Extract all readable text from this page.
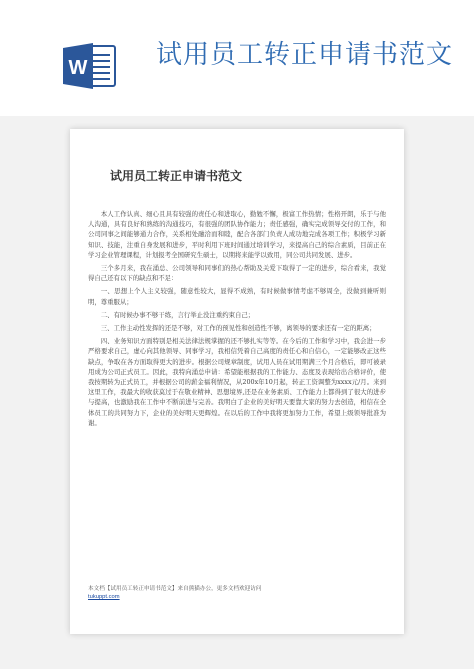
W	试用员工转正申请书范文
试用员工转正申请书范文

本人工作认真、细心且具有较强的责任心和进取心，勤勉不懈，极富工作热情；性格开朗，乐于与他人沟通，具有良好和熟练的沟通技巧，有很强的团队协作能力；责任感强，确实完成领导交付的工作，和公司同事之间能够通力合作，关系相处融洽而和睦，配合各部门负责人成功地完成各项工作；积极学习新知识、技能，注重自身发展和进步，平时利用下班时间通过培训学习，来提高自己的综合素质，目前正在学习企业管理课程，计划报考全国研究生硕士，以期将来能学以致用，同公司共同发展、进步。

三个多月来，我在涌总、公司领导和同事们的热心帮助及关爱下取得了一定的进步，综合看来，我觉得自己还有以下的缺点和不足：

一、思想上个人主义较强，随意性较大，显得不成熟，有时候做事情考虑不够周全，没做到兼听则明，尊重服从；

二、有时候办事不够干练，言行举止没注重约束自己；

三、工作主动性发挥的还是不够，对工作的预见性和创造性不够，离领导的要求还有一定的距离；

四、业务知识方面特别是相关法律法规掌握的还不够扎实等等。在今后的工作和学习中，我会进一步严格要求自己，虚心向其他领导、同事学习，我相信凭着自己高度的责任心和自信心，一定能够改正这些缺点，争取在各方面取得更大的进步。根据公司规章制度，试用人员在试用期满三个月合格后，即可被录用成为公司正式员工。因此，我特向涌总申请：希望能根据我的工作能力、态度及表现给出合格评价，使我按期转为正式员工，并根据公司的薪金福利情况，从200x年10月起，转正工资调整为xxxx元/月。来到这里工作，我最大的收获莫过于在敬业精神、思想境界,还是在业务素质、工作能力上都得到了很大的进步与提高，也激励我在工作中不断前进与完善。我明白了企业的美好明天要靠大家的努力去创造，相信在全体员工的共同努力下，企业的美好明天更辉煌。在以后的工作中我将更加努力工作，希望上级领导批准为谢。

本文档【试用员工转正申请书范文】来自熊猫办公，更多文档欢迎访问
tukuppt.com
